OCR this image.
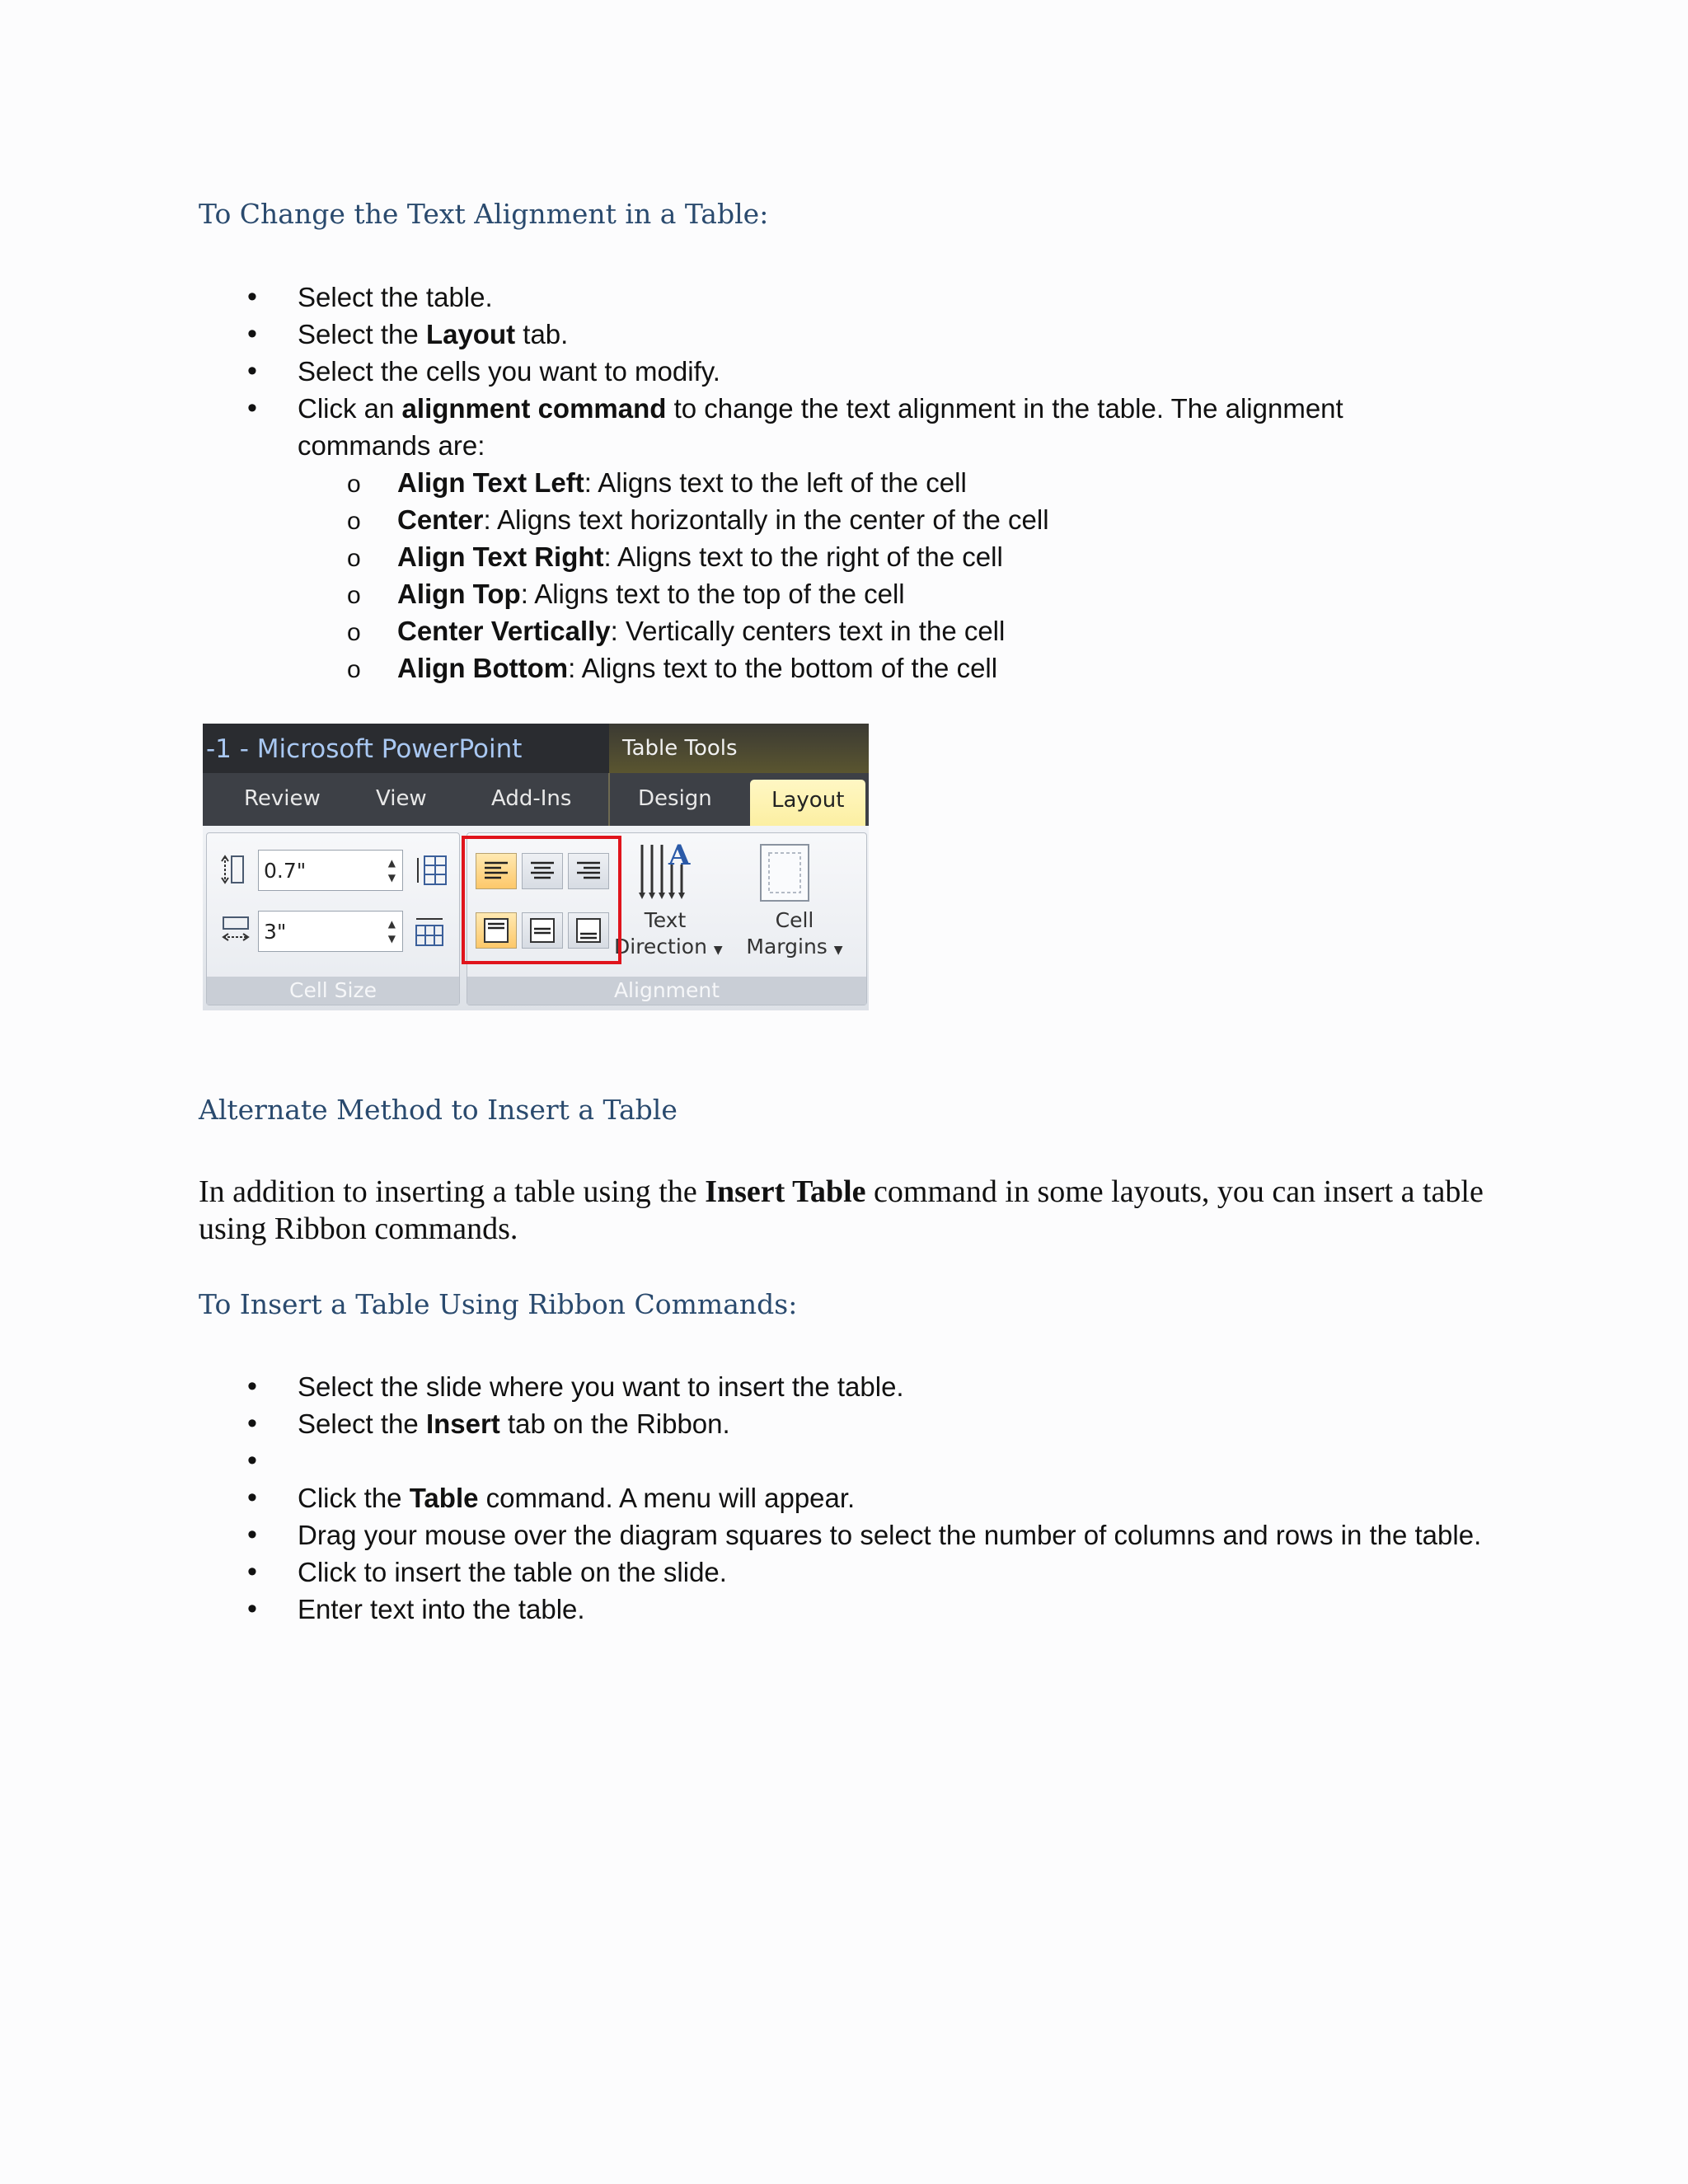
To Change the Text Alignment in a Table:
• Select the table.
• Select the Layout tab.
• Select the cells you want to modify.
• Click an alignment command to change the text alignment in the table. The alignment commands are:
o Align Text Left: Aligns text to the left of the cell
o Center: Aligns text horizontally in the center of the cell
o Align Text Right: Aligns text to the right of the cell
o Align Top: Aligns text to the top of the cell
o Center Vertically: Vertically centers text in the cell
o Align Bottom: Aligns text to the bottom of the cell
-1 - Microsoft PowerPoint	Table Tools
Review	View	Add-Ins	Design	Layout
0.7"	▲
▼
3"	▲
▼
Cell Size
A
Text
Direction ▼
Cell
Margins ▼
Alignment
Alternate Method to Insert a Table

In addition to inserting a table using the Insert Table command in some layouts, you can insert a table using Ribbon commands.

To Insert a Table Using Ribbon Commands:
• Select the slide where you want to insert the table.
• Select the Insert tab on the Ribbon.
•
• Click the Table command. A menu will appear.
• Drag your mouse over the diagram squares to select the number of columns and rows in the table.
• Click to insert the table on the slide.
• Enter text into the table.
